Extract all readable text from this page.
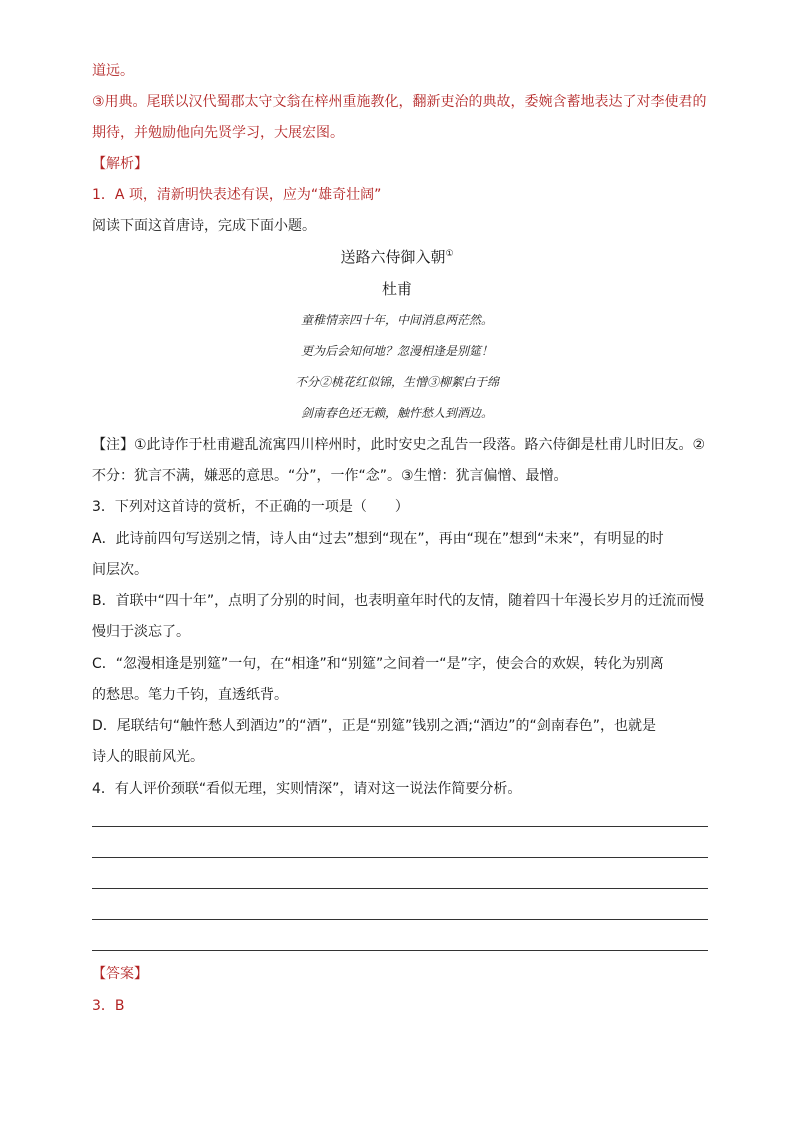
道远。
③用典。尾联以汉代蜀郡太守文翁在梓州重施教化，翻新吏治的典故，委婉含蓄地表达了对李使君的
期待，并勉励他向先贤学习，大展宏图。
【解析】
1．A 项，清新明快表述有误，应为“雄奇壮阔”
阅读下面这首唐诗，完成下面小题。
送路六侍御入朝①
杜甫
童稚情亲四十年，中间消息两茫然。
更为后会知何地？忽漫相逢是别筵！
不分②桃花红似锦，生憎③柳絮白于绵
剑南春色还无赖，触忤愁人到酒边。
【注】①此诗作于杜甫避乱流寓四川梓州时，此时安史之乱告一段落。路六侍御是杜甫儿时旧友。②
不分：犹言不满，嫌恶的意思。“分”，一作“念”。③生憎：犹言偏憎、最憎。
3．下列对这首诗的赏析，不正确的一项是（　　）
A．此诗前四句写送别之情，诗人由“过去”想到“现在”，再由“现在”想到“未来”，有明显的时
间层次。
B．首联中“四十年”，点明了分别的时间，也表明童年时代的友情，随着四十年漫长岁月的迁流而慢
慢归于淡忘了。
C．“忽漫相逢是别筵”一句，在“相逢”和“别筵”之间着一“是”字，使会合的欢娱，转化为别离
的愁思。笔力千钧，直透纸背。
D．尾联结句“触忤愁人到酒边”的“酒”，正是“别筵”钱别之酒;“酒边”的“剑南春色”，也就是
诗人的眼前风光。
4．有人评价颈联“看似无理，实则情深”，请对这一说法作简要分析。
【答案】
3．B
